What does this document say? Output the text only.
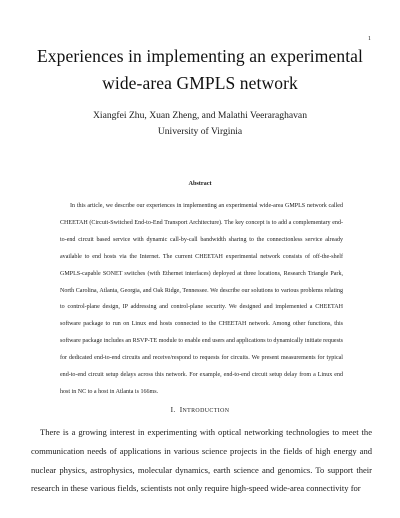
1
Experiences in implementing an experimental
wide-area GMPLS network
Xiangfei Zhu, Xuan Zheng, and Malathi Veeraraghavan
University of Virginia
Abstract

In this article, we describe our experiences in implementing an experimental wide-area GMPLS network called CHEETAH (Circuit-Switched End-to-End Transport Architecture). The key concept is to add a complementary end-to-end circuit based service with dynamic call-by-call bandwidth sharing to the connectionless service already available to end hosts via the Internet. The current CHEETAH experimental network consists of off-the-shelf GMPLS-capable SONET switches (with Ethernet interfaces) deployed at three locations, Research Triangle Park, North Carolina, Atlanta, Georgia, and Oak Ridge, Tennessee. We describe our solutions to various problems relating to control-plane design, IP addressing and control-plane security. We designed and implemented a CHEETAH software package to run on Linux end hosts connected to the CHEETAH network. Among other functions, this software package includes an RSVP-TE module to enable end users and applications to dynamically initiate requests for dedicated end-to-end circuits and receive/respond to requests for circuits. We present measurements for typical end-to-end circuit setup delays across this network. For example, end-to-end circuit setup delay from a Linux end host in NC to a host in Atlanta is 166ms.

I. INTRODUCTION

There is a growing interest in experimenting with optical networking technologies to meet the communication needs of applications in various science projects in the fields of high energy and nuclear physics, astrophysics, molecular dynamics, earth science and genomics. To support their research in these various fields, scientists not only require high-speed wide-area connectivity for
